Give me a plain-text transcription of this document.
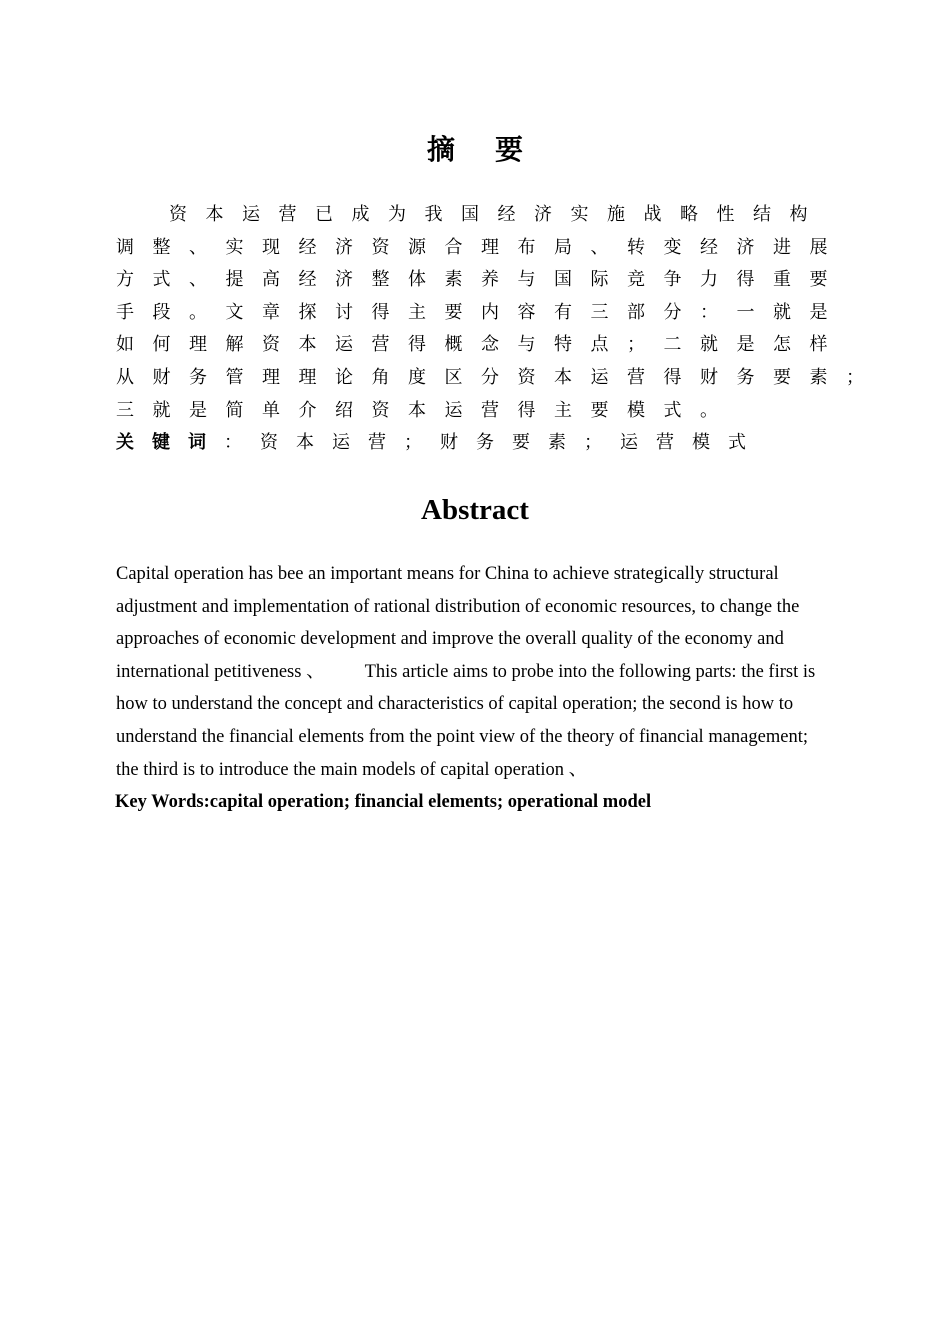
摘要
资本运营已成为我国经济实施战略性结构
调整、实现经济资源合理布局、转变经济进展
方式、提高经济整体素养与国际竞争力得重要
手段。文章探讨得主要内容有三部分：一就是
如何理解资本运营得概念与特点；二就是怎样
从财务管理理论角度区分资本运营得财务要素；
三就是简单介绍资本运营得主要模式。
关键词：资本运营；财务要素；运营模式
Abstract
Capital operation has bee an important means for China to achieve strategically structural
adjustment and implementation of rational distribution of economic resources, to change the
approaches of economic development and improve the overall quality of the economy and
international petitiveness 、 This article aims to probe into the following parts: the first is
how to understand the concept and characteristics of capital operation; the second is how to
understand the financial elements from the point view of the theory of financial management;
the third is to introduce the main models of capital operation 、
Key Words:capital operation; financial elements; operational model
